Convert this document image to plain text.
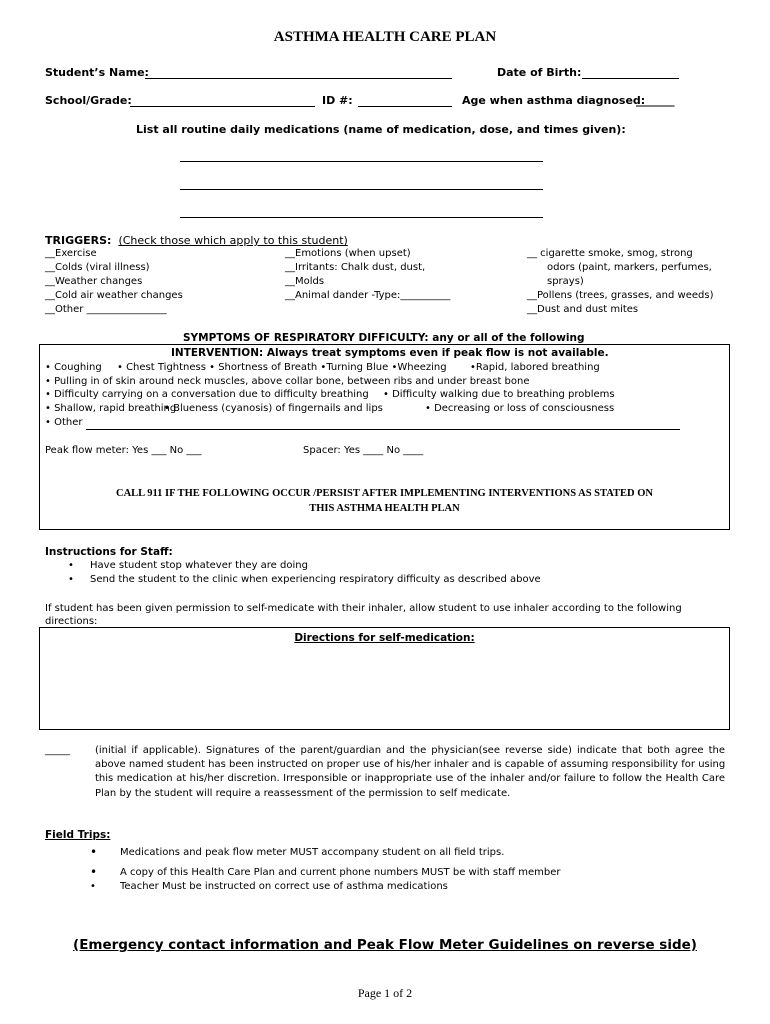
ASTHMA HEALTH CARE PLAN
Student’s Name:	Date of Birth:
School/Grade:	ID #:	Age when asthma diagnosed:
_______
List all routine daily medications (name of medication, dose, and times given):
TRIGGERS: (Check those which apply to this student)
__Exercise
__Colds (viral illness)
__Weather changes
__Cold air weather changes
__Other ________________
__Emotions (when upset)
__Irritants: Chalk dust, dust,
__Molds
__Animal dander -Type:__________
__ cigarette smoke, smog, strong
odors (paint, markers, perfumes,
sprays)
__Pollens (trees, grasses, and weeds)
__Dust and dust mites
SYMPTOMS OF RESPIRATORY DIFFICULTY: any or all of the following
INTERVENTION: Always treat symptoms even if peak flow is not available.
• Coughing • Chest Tightness • Shortness of Breath •Turning Blue •Wheezing •Rapid, labored breathing
• Pulling in of skin around neck muscles, above collar bone, between ribs and under breast bone
• Difficulty carrying on a conversation due to difficulty breathing • Difficulty walking due to breathing problems
• Shallow, rapid breathing
• Blueness (cyanosis) of fingernails and lips	• Decreasing or loss of consciousness
• Other
Peak flow meter: Yes ___ No ___	Spacer: Yes ____ No ____
CALL 911 IF THE FOLLOWING OCCUR /PERSIST AFTER IMPLEMENTING INTERVENTIONS AS STATED ON
THIS ASTHMA HEALTH PLAN
Instructions for Staff:
• Have student stop whatever they are doing
• Send the student to the clinic when experiencing respiratory difficulty as described above
If student has been given permission to self-medicate with their inhaler, allow student to use inhaler according to the following
directions:
Directions for self-medication:
_____	(initial if applicable). Signatures of the parent/guardian and the physician(see reverse side) indicate that both agree the
above named student has been instructed on proper use of his/her inhaler and is capable of assuming responsibility for using
this medication at his/her discretion. Irresponsible or inappropriate use of the inhaler and/or failure to follow the Health Care
Plan by the student will require a reassessment of the permission to self medicate.
Field Trips:
• Medications and peak flow meter MUST accompany student on all field trips.
• A copy of this Health Care Plan and current phone numbers MUST be with staff member
• Teacher Must be instructed on correct use of asthma medications
(Emergency contact information and Peak Flow Meter Guidelines on reverse side)
Page 1 of 2
